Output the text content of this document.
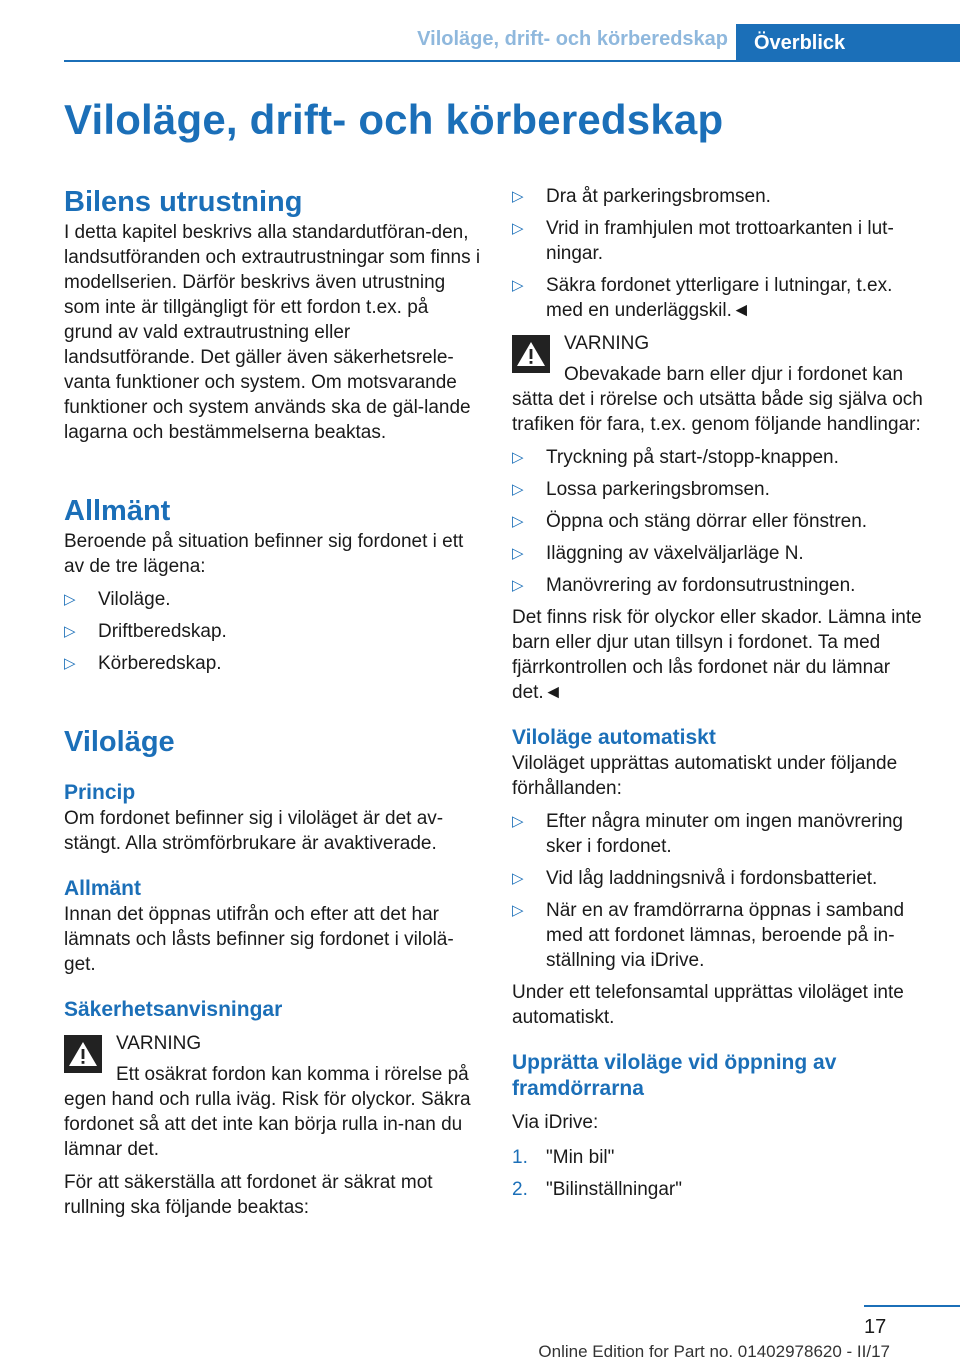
Viloläge, drift- och körberedskap	Överblick
Viloläge, drift- och körberedskap
Bilens utrustning

I detta kapitel beskrivs alla standardutföran-den, landsutföranden och extrautrustningar som finns i modellserien. Därför beskrivs även utrustning som inte är tillgängligt för ett fordon t.ex. på grund av vald extrautrustning eller landsutförande. Det gäller även säkerhetsrele-vanta funktioner och system. Om motsvarande funktioner och system används ska de gäl-lande lagarna och bestämmelserna beaktas.

Allmänt

Beroende på situation befinner sig fordonet i ett av de tre lägena:

▷ Viloläge.
▷ Driftberedskap.
▷ Körberedskap.
Viloläge
Princip

Om fordonet befinner sig i viloläget är det av-stängt. Alla strömförbrukare är avaktiverade.

Allmänt

Innan det öppnas utifrån och efter att det har lämnats och låsts befinner sig fordonet i vilolä-get.

Säkerhetsanvisningar
VARNING
Ett osäkrat fordon kan komma i rörelse på egen hand och rulla iväg. Risk för olyckor. Säkra fordonet så att det inte kan börja rulla in-nan du lämnar det.

För att säkerställa att fordonet är säkrat mot rullning ska följande beaktas:

▷ Dra åt parkeringsbromsen.
▷ Vrid in framhjulen mot trottoarkanten i lut-ningar.
▷ Säkra fordonet ytterligare i lutningar, t.ex. med en underläggskil.◄
VARNING
Obevakade barn eller djur i fordonet kan sätta det i rörelse och utsätta både sig själva och trafiken för fara, t.ex. genom följande handlingar:
▷ Tryckning på start-/stopp-knappen.
▷ Lossa parkeringsbromsen.
▷ Öppna och stäng dörrar eller fönstren.
▷ Iläggning av växelväljarläge N.
▷ Manövrering av fordonsutrustningen.

Det finns risk för olyckor eller skador. Lämna inte barn eller djur utan tillsyn i fordonet. Ta med fjärrkontrollen och lås fordonet när du lämnar det.◄

Viloläge automatiskt

Viloläget upprättas automatiskt under följande förhållanden:

▷ Efter några minuter om ingen manövrering sker i fordonet.
▷ Vid låg laddningsnivå i fordonsbatteriet.
▷ När en av framdörrarna öppnas i samband med att fordonet lämnas, beroende på in-ställning via iDrive.

Under ett telefonsamtal upprättas viloläget inte automatiskt.

Upprätta viloläge vid öppning av framdörrarna

Via iDrive:

1. "Min bil"
2. "Bilinställningar"
17
Online Edition for Part no. 01402978620 - II/17
